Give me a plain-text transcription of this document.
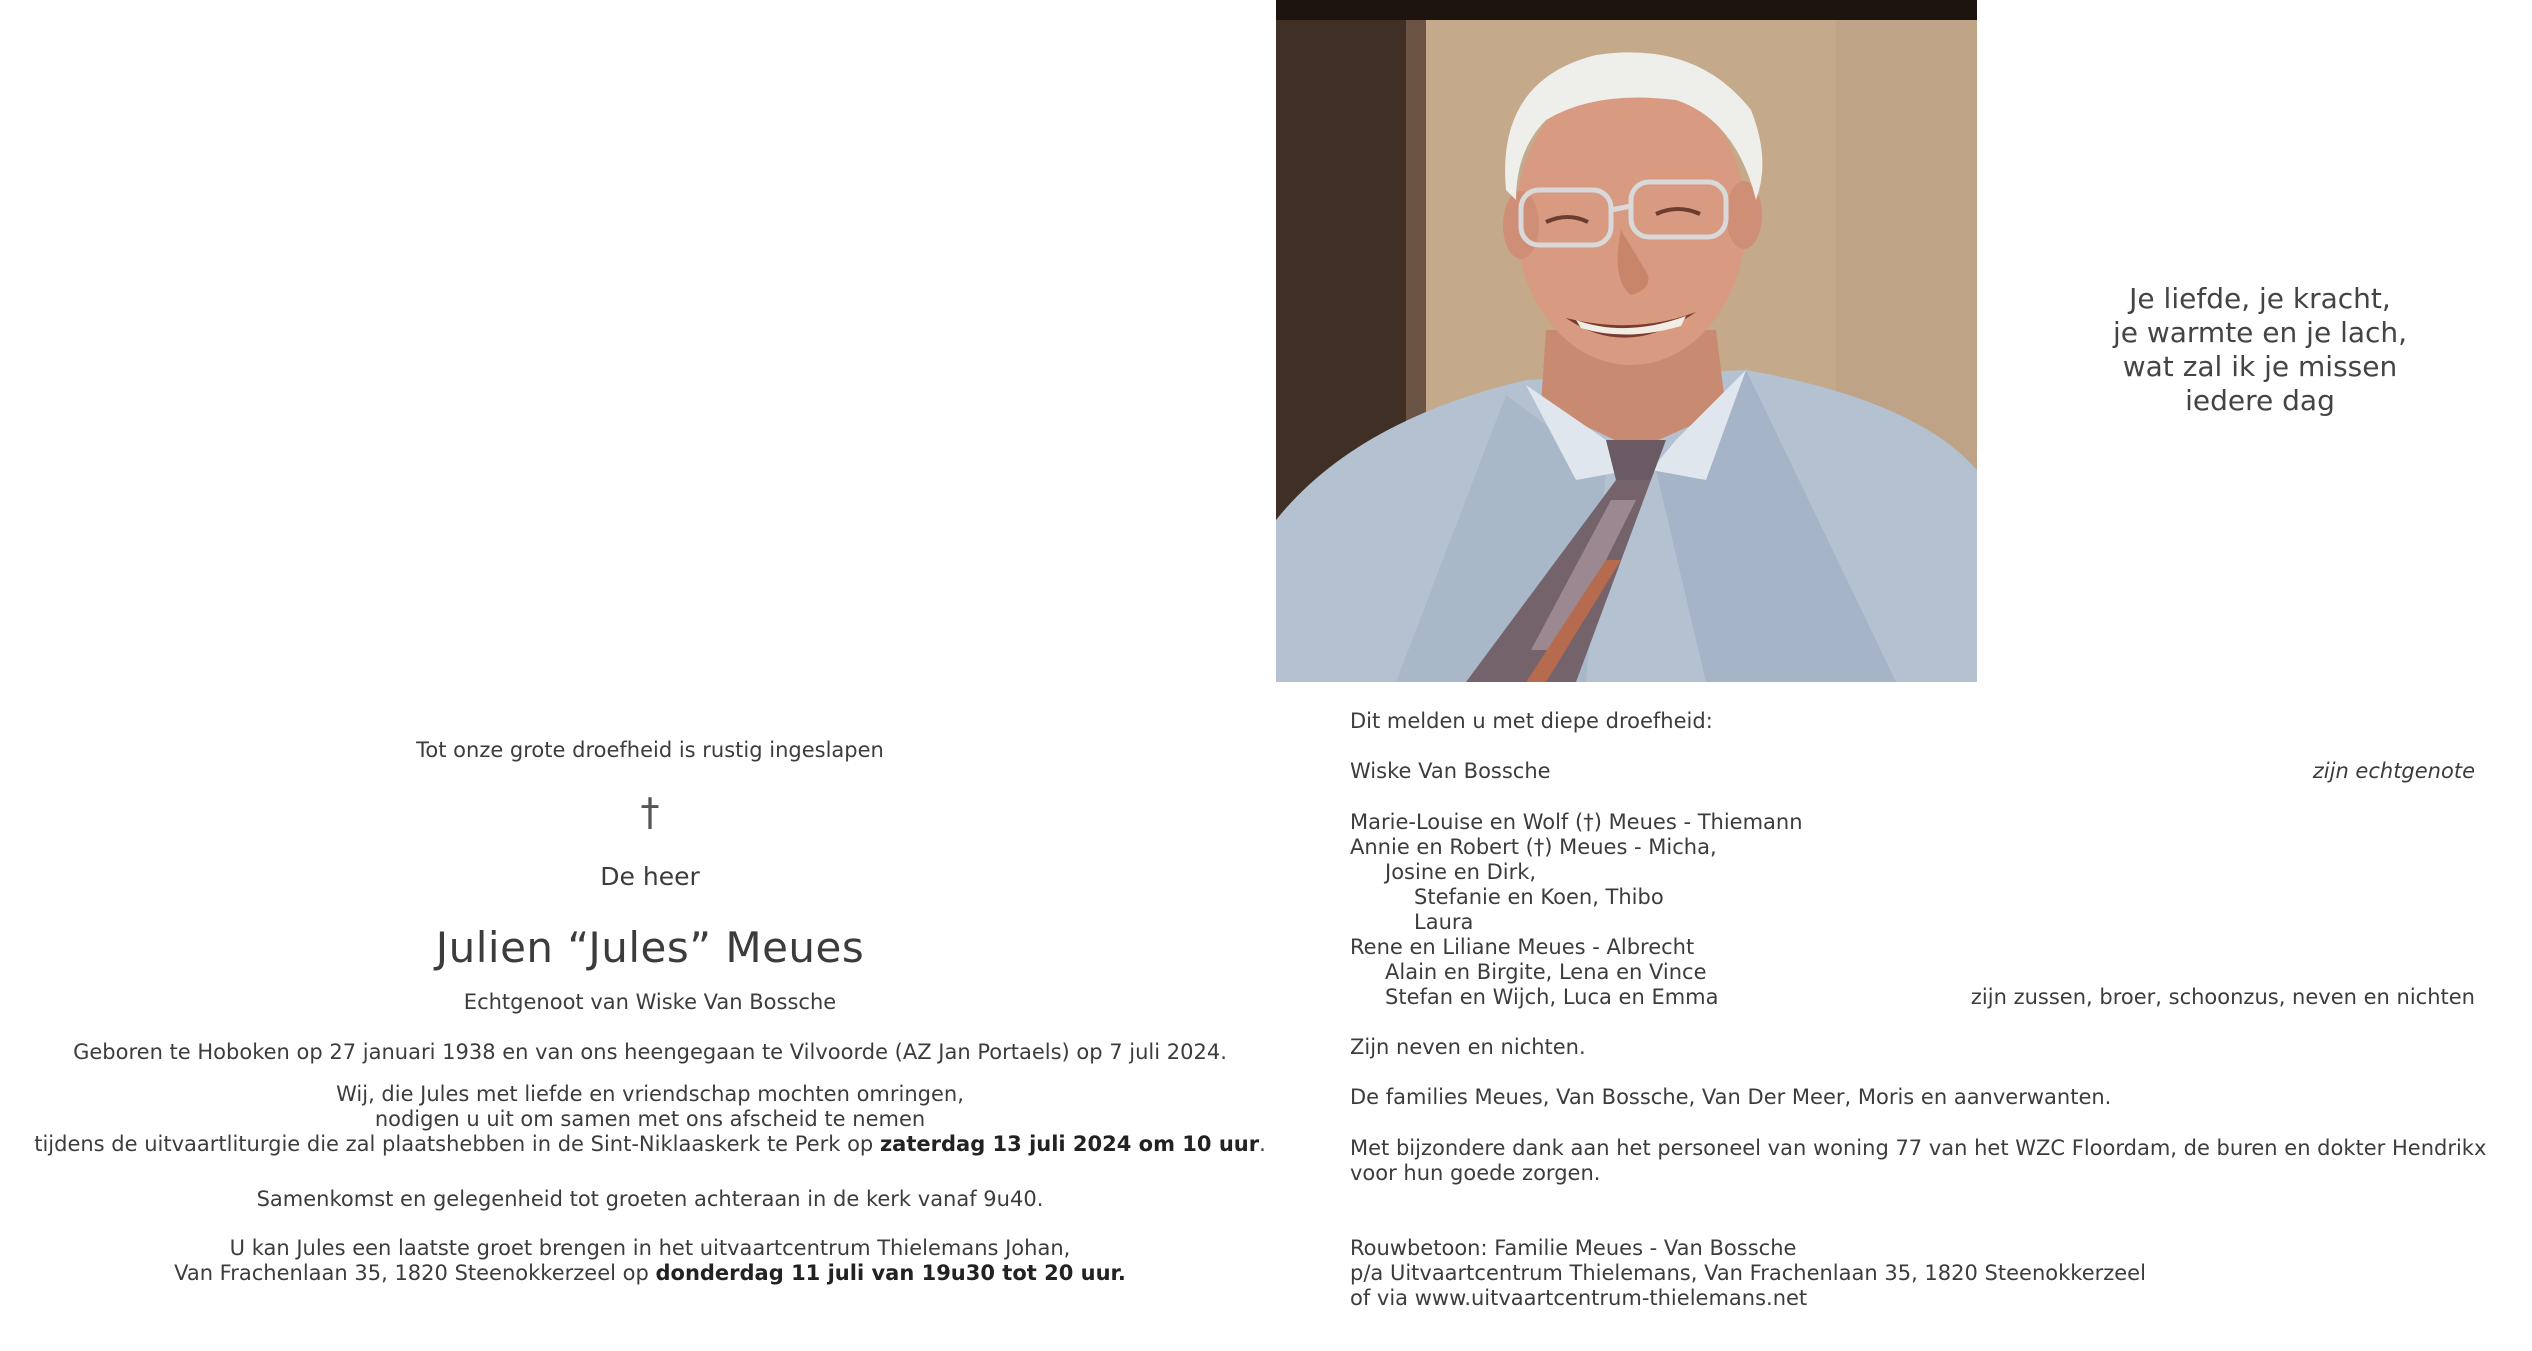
Tot onze grote droefheid is rustig ingeslapen
†
De heer
Julien “Jules” Meues
Echtgenoot van Wiske Van Bossche
Geboren te Hoboken op 27 januari 1938 en van ons heengegaan te Vilvoorde (AZ Jan Portaels) op 7 juli 2024.
Wij, die Jules met liefde en vriendschap mochten omringen,
nodigen u uit om samen met ons afscheid te nemen
tijdens de uitvaartliturgie die zal plaatshebben in de Sint-Niklaaskerk te Perk op zaterdag 13 juli 2024 om 10 uur.
Samenkomst en gelegenheid tot groeten achteraan in de kerk vanaf 9u40.
U kan Jules een laatste groet brengen in het uitvaartcentrum Thielemans Johan,
Van Frachenlaan 35, 1820 Steenokkerzeel op donderdag 11 juli van 19u30 tot 20 uur.
Je liefde, je kracht,
je warmte en je lach,
wat zal ik je missen
iedere dag
Dit melden u met diepe droefheid:
Wiske Van Bossche	zijn echtgenote
Marie-Louise en Wolf (†) Meues - Thiemann
Annie en Robert (†) Meues - Micha,
Josine en Dirk,
Stefanie en Koen, Thibo
Laura
Rene en Liliane Meues - Albrecht
Alain en Birgite, Lena en Vince
Stefan en Wijch, Luca en Emma	zijn zussen, broer, schoonzus, neven en nichten
Zijn neven en nichten.
De families Meues, Van Bossche, Van Der Meer, Moris en aanverwanten.
Met bijzondere dank aan het personeel van woning 77 van het WZC Floordam, de buren en dokter Hendrikx
voor hun goede zorgen.
Rouwbetoon: Familie Meues - Van Bossche
p/a Uitvaartcentrum Thielemans, Van Frachenlaan 35, 1820 Steenokkerzeel
of via www.uitvaartcentrum-thielemans.net
